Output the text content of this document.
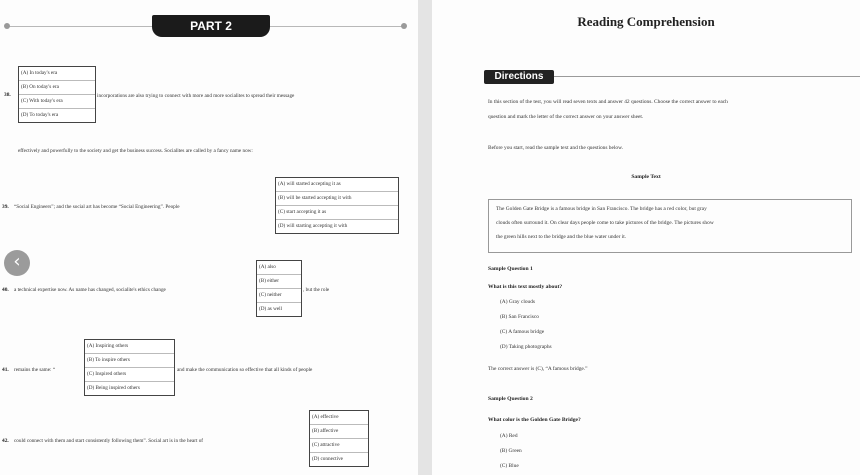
PART 2
38.
(A) In today's era
(B) On today's era
(C) With today's era
(D) To today's era
incorporations are also trying to connect with more and more socialites to spread their message
effectively and powerfully to the society and get the business success. Socialites are called by a fancy name now:
39. “Social Engineers”; and the social art has become “Social Engineering”. People
(A) will started accepting it as
(B) will be started accepting it with
(C) start accepting it as
(D) will starting accepting it with
‹
40. a technical expertise now. As name has changed, socialite's ethics change
(A) also
(B) either
(C) neither
(D) as well
, but the role
41. remains the same: “
(A) Inspiring others
(B) To inspire others
(C) Inspired others
(D) Being inspired others
and make the communication so effective that all kinds of people
42. could connect with them and start consistently following them”. Social art is in the heart of
(A) effective
(B) affective
(C) attractive
(D) connective
Reading Comprehension
Directions
In this section of the test, you will read seven texts and answer 42 questions. Choose the correct answer to each
question and mark the letter of the correct answer on your answer sheet.
Before you start, read the sample text and the questions below.
Sample Text
The Golden Gate Bridge is a famous bridge in San Francisco. The bridge has a red color, but gray
clouds often surround it. On clear days people come to take pictures of the bridge. The pictures show
the green hills next to the bridge and the blue water under it.
Sample Question 1
What is this text mostly about?
(A) Gray clouds
(B) San Francisco
(C) A famous bridge
(D) Taking photographs
The correct answer is (C), “A famous bridge.”
Sample Question 2
What color is the Golden Gate Bridge?
(A) Red
(B) Green
(C) Blue
